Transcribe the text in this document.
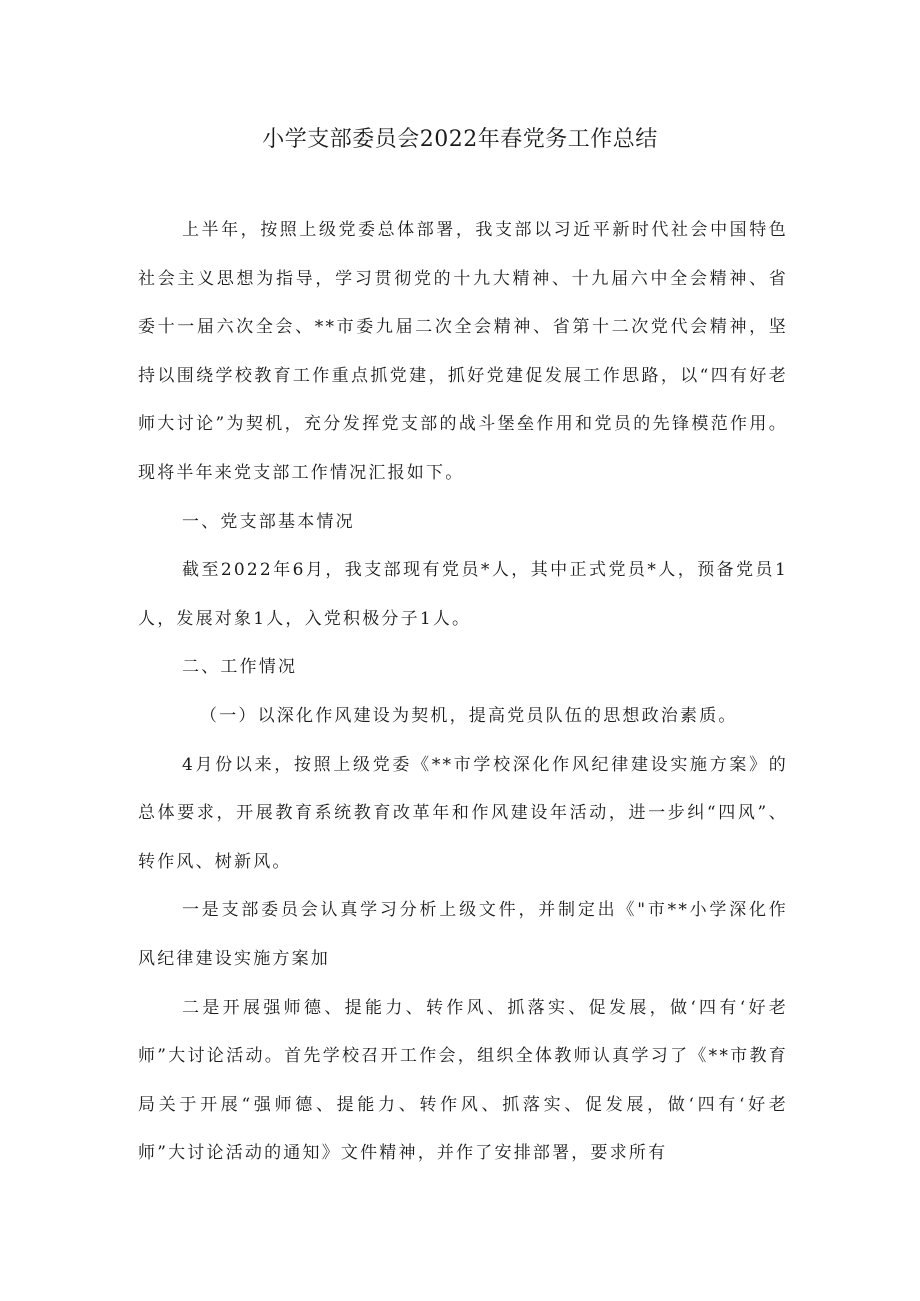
小学支部委员会2022年春党务工作总结

上半年，按照上级党委总体部署，我支部以习近平新时代社会中国特色社会主义思想为指导，学习贯彻党的十九大精神、十九届六中全会精神、省委十一届六次全会、**市委九届二次全会精神、省第十二次党代会精神，坚持以围绕学校教育工作重点抓党建，抓好党建促发展工作思路，以“四有好老师大讨论”为契机，充分发挥党支部的战斗堡垒作用和党员的先锋模范作用。现将半年来党支部工作情况汇报如下。

一、党支部基本情况

截至2022年6月，我支部现有党员*人，其中正式党员*人，预备党员1人，发展对象1人，入党积极分子1人。

二、工作情况

（一）以深化作风建设为契机，提高党员队伍的思想政治素质。

4月份以来，按照上级党委《**市学校深化作风纪律建设实施方案》的总体要求，开展教育系统教育改革年和作风建设年活动，进一步纠“四风”、转作风、树新风。

一是支部委员会认真学习分析上级文件，并制定出《"市**小学深化作风纪律建设实施方案加

二是开展强师德、提能力、转作风、抓落实、促发展，做‘四有‘好老师”大讨论活动。首先学校召开工作会，组织全体教师认真学习了《**市教育局关于开展“强师德、提能力、转作风、抓落实、促发展，做‘四有‘好老师”大讨论活动的通知》文件精神，并作了安排部署，要求所有
